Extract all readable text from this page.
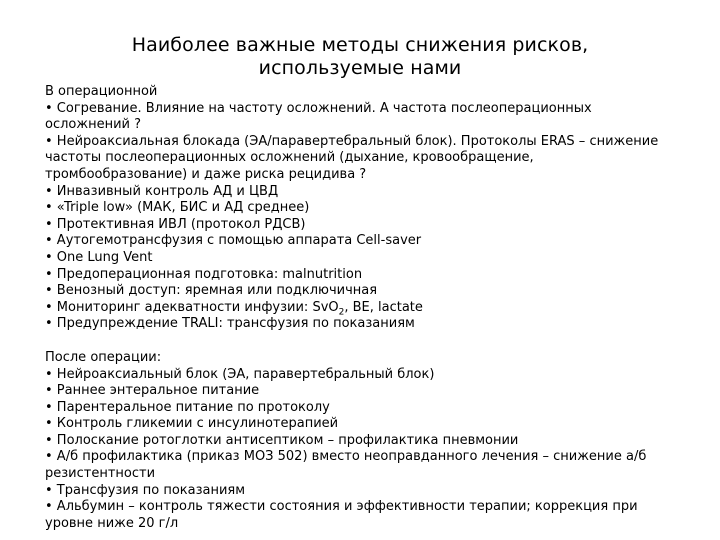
Наиболее важные методы снижения рисков,
используемые нами
В операционной
• Согревание. Влияние на частоту осложнений. А частота послеоперационных
осложнений ?
• Нейроаксиальная блокада (ЭА/паравертебральный блок). Протоколы ERAS – снижение
частоты послеоперационных осложнений (дыхание, кровообращение,
тромбообразование) и даже риска рецидива ?
• Инвазивный контроль АД и ЦВД
• «Triple low» (МАК, БИС и АД среднее)
• Протективная ИВЛ (протокол РДСВ)
• Аутогемотрансфузия с помощью аппарата Cell-saver
• One Lung Vent
• Предоперационная подготовка: malnutrition
• Венозный доступ: яремная или подключичная
• Мониторинг адекватности инфузии: SvO$_2$, BE, lactate
• Предупреждение TRALI: трансфузия по показаниям
После операции:
• Нейроаксиальный блок (ЭА, паравертебральный блок)
• Раннее энтеральное питание
• Парентеральное питание по протоколу
• Контроль гликемии с инсулинотерапией
• Полоскание ротоглотки антисептиком – профилактика пневмонии
• А/б профилактика (приказ МОЗ 502) вместо неоправданного лечения – снижение а/б
резистентности
• Трансфузия по показаниям
• Альбумин – контроль тяжести состояния и эффективности терапии; коррекция при
уровне ниже 20 г/л
